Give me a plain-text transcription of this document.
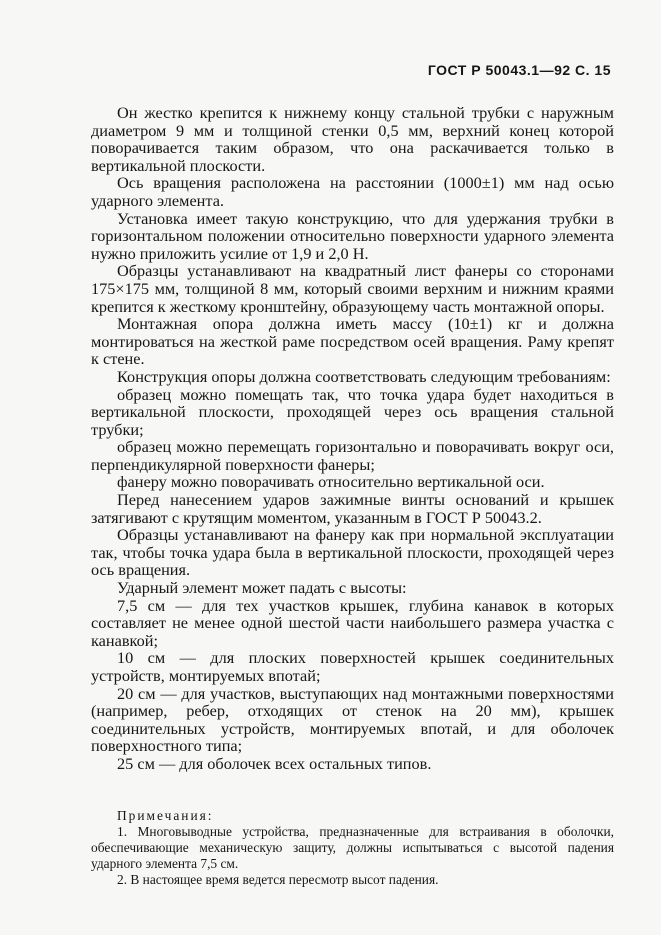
ГОСТ Р 50043.1—92 С. 15

Он жестко крепится к нижнему концу стальной трубки с наружным диаметром 9 мм и толщиной стенки 0,5 мм, верхний конец которой поворачивается таким образом, что она раскачивается только в вертикальной плоскости.

Ось вращения расположена на расстоянии (1000±1) мм над осью ударного элемента.

Установка имеет такую конструкцию, что для удержания трубки в горизонтальном положении относительно поверхности ударного элемента нужно приложить усилие от 1,9 и 2,0 Н.

Образцы устанавливают на квадратный лист фанеры со сторонами 175×175 мм, толщиной 8 мм, который своими верхним и нижним краями крепится к жесткому кронштейну, образующему часть монтажной опоры.

Монтажная опора должна иметь массу (10±1) кг и должна монтироваться на жесткой раме посредством осей вращения. Раму крепят к стене.

Конструкция опоры должна соответствовать следующим требованиям:

образец можно помещать так, что точка удара будет находиться в вертикальной плоскости, проходящей через ось вращения стальной трубки;

образец можно перемещать горизонтально и поворачивать вокруг оси, перпендикулярной поверхности фанеры;

фанеру можно поворачивать относительно вертикальной оси.

Перед нанесением ударов зажимные винты оснований и крышек затягивают с крутящим моментом, указанным в ГОСТ Р 50043.2.

Образцы устанавливают на фанеру как при нормальной эксплуатации так, чтобы точка удара была в вертикальной плоскости, проходящей через ось вращения.

Ударный элемент может падать с высоты:

7,5 см — для тех участков крышек, глубина канавок в которых составляет не менее одной шестой части наибольшего размера участка с канавкой;

10 см — для плоских поверхностей крышек соединительных устройств, монтируемых впотай;

20 см — для участков, выступающих над монтажными поверхностями (например, ребер, отходящих от стенок на 20 мм), крышек соединительных устройств, монтируемых впотай, и для оболочек поверхностного типа;

25 см — для оболочек всех остальных типов.

Примечания:

1. Многовыводные устройства, предназначенные для встраивания в оболочки, обеспечивающие механическую защиту, должны испытываться с высотой падения ударного элемента 7,5 см.

2. В настоящее время ведется пересмотр высот падения.
